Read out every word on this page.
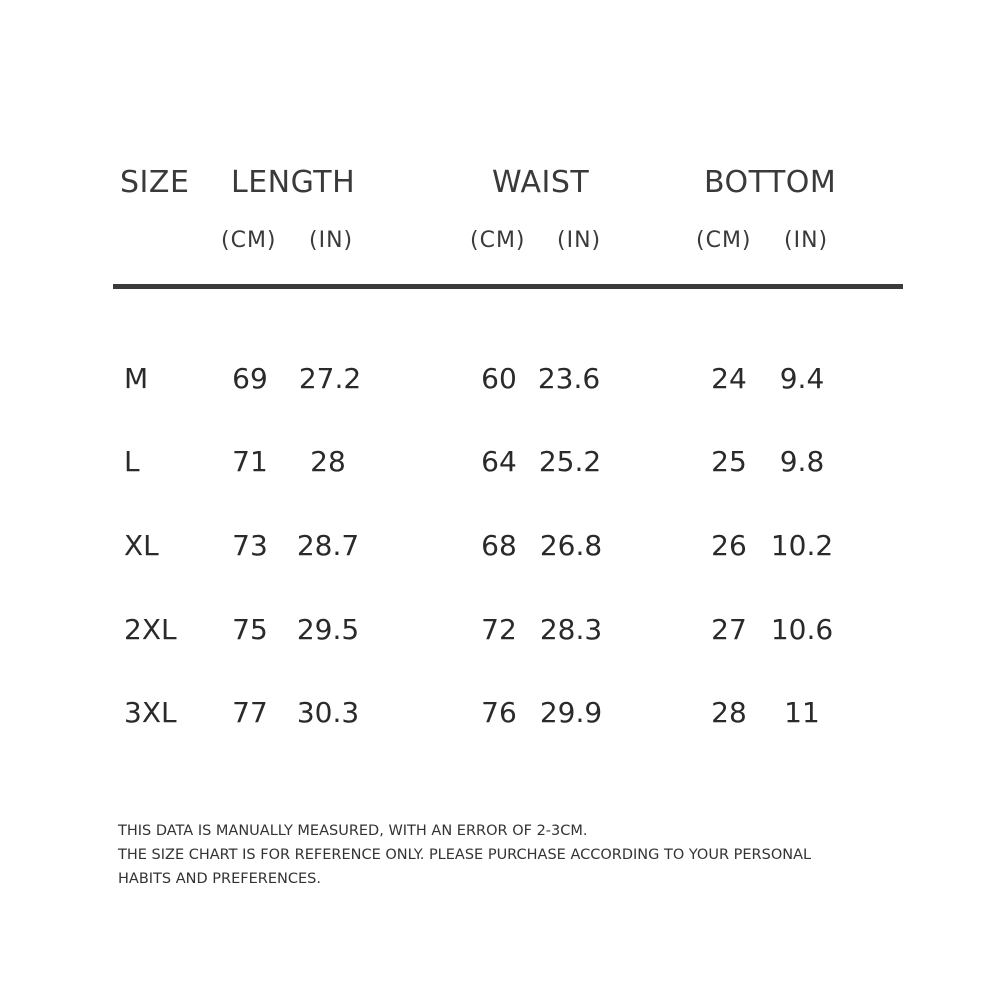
SIZE LENGTH	WAIST	BOTTOM
(CM) (IN)	(CM) (IN)	(CM) (IN)
M	69 27.2	60 23.6	24 9.4
L	71 28	64 25.2	25 9.8
XL	73 28.7	68 26.8	26 10.2
2XL 75 29.5	72 28.3	27 10.6
3XL 77 30.3	76 29.9	28 11
THIS DATA IS MANUALLY MEASURED, WITH AN ERROR OF 2-3CM.
THE SIZE CHART IS FOR REFERENCE ONLY. PLEASE PURCHASE ACCORDING TO YOUR PERSONAL
HABITS AND PREFERENCES.
